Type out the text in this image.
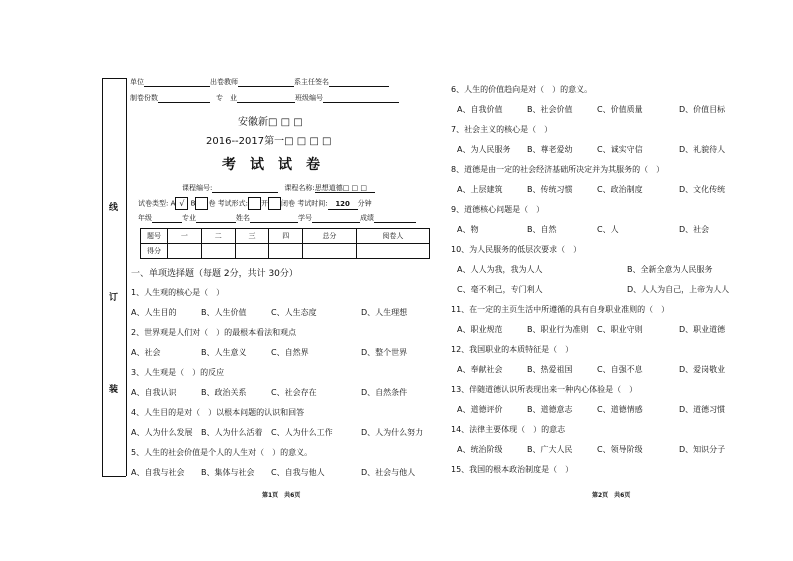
线
订
装
单位	出卷教师	系主任签名
制卷份数	专　业	班级编号
安徽新□ □ □
2016--2017第一□ □ □ □
考　试　试　卷
课程编号:	课程名称:思想道德□ □ □
试卷类型: A √ B 卷 考试形式: 开 闭卷 考试时间: 120 分钟
年级	专业	姓名	学号	成绩
题号	一	二	三	四	总分	阅卷人
得分						
一、单项选择题（每题 2分，共计 30分）
1、人生观的核心是（　）
A、人生目的	B、人生价值	C、人生态度	D、人生理想
2、世界观是人们对（　）的最根本看法和观点
A、社会	B、人生意义	C、自然界	D、整个世界
3、人生观是（　）的反应
A、自我认识	B、政治关系	C、社会存在	D、自然条件
4、人生目的是对（　）以根本问题的认识和回答
A、人为什么发展 B、人为什么活着 C、人为什么工作	D、人为什么努力
5、人生的社会价值是个人的人生对（　）的意义。
A、自我与社会 B、集体与社会 C、自我与他人	D、社会与他人
6、人生的价值趋向是对（　）的意义。
A、自我价值	B、社会价值	C、价值质量	D、价值目标
7、社会主义的核心是（　）
A、为人民服务 B、尊老爱幼	C、诚实守信	D、礼貌待人
8、道德是由一定的社会经济基础所决定并为其服务的（　）
A、上层建筑	B、传统习惯	C、政治制度	D、文化传统
9、道德核心问题是（　）
A、物	B、自然	C、人	D、社会
10、为人民服务的低层次要求（　）
A、人人为我，我为人人	B、全新全意为人民服务
C、毫不利己，专门利人	D、人人为自己，上帝为人人
11、在一定的主页生活中所遵循的具有自身职业准则的（　）
A、职业规范	B、职业行为准则 C、职业守则	D、职业道德
12、我国职业的本质特征是（　）
A、奉献社会	B、热爱祖国	C、自强不息	D、爱岗敬业
13、伴随道德认识所表现出来一种内心体验是（　）
A、道德评价	B、道德意志	C、道德情感	D、道德习惯
14、法律主要体现（　）的意志
A、统治阶级	B、广大人民	C、领导阶级	D、知识分子
15、我国的根本政治制度是（　）
第1页　共6页	第2页　共6页
